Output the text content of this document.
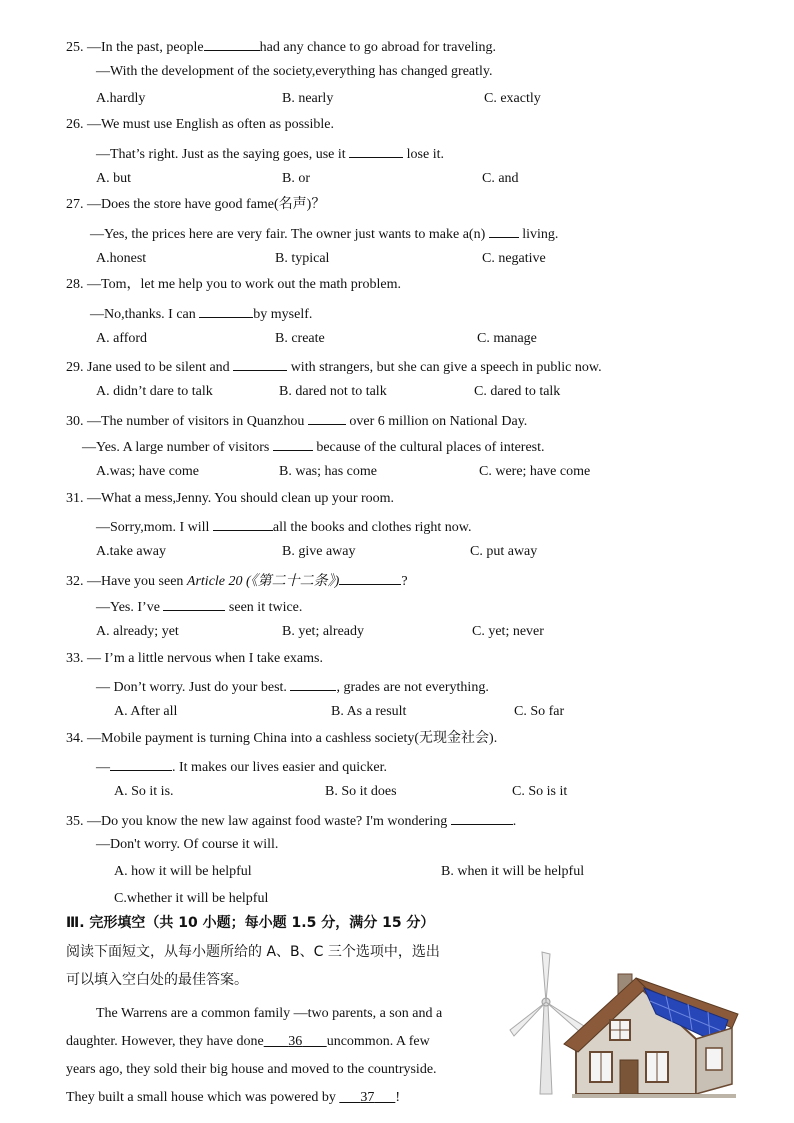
25. —In the past, people	had any chance to go abroad for traveling.
—With the development of the society,everything has changed greatly.
A.hardly	B. nearly	C. exactly
26. —We must use English as often as possible.
—That’s right. Just as the saying goes, use it	lose it.
A. but	B. or	C. and
27. —Does the store have good fame(名声)？
—Yes, the prices here are very fair. The owner just wants to make a(n)	living.
A.honest	B. typical	C. negative
28. —Tom，let me help you to work out the math problem.
—No,thanks. I can	by myself.
A. afford	B. create	C. manage
29. Jane used to be silent and	with strangers, but she can give a speech in public now.
A. didn’t dare to talk	B. dared not to talk	C. dared to talk
30. —The number of visitors in Quanzhou	over 6 million on National Day.
—Yes. A large number of visitors	because of the cultural places of interest.
A.was; have come	B. was; has come	C. were; have come
31. —What a mess,Jenny. You should clean up your room.
—Sorry,mom. I will	all the books and clothes right now.
A.take away	B. give away	C. put away
32. —Have you seen Article 20 (《第二十二条》)	?
—Yes. I’ve	seen it twice.
A. already; yet	B. yet; already	C. yet; never
33. — I’m a little nervous when I take exams.
— Don’t worry. Just do your best.	, grades are not everything.
A. After all	B. As a result	C. So far
34. —Mobile payment is turning China into a cashless society(无现金社会).
—	. It makes our lives easier and quicker.
A. So it is.	B. So it does	C. So is it
35. —Do you know the new law against food waste? I'm wondering	.
—Don't worry. Of course it will.
A. how it will be helpful	B. when it will be helpful
C.whether it will be helpful
Ⅲ. 完形填空（共 10 小题；每小题 1.5 分，满分 15 分）
阅读下面短文，从每小题所给的 A、B、C 三个选项中，选出
可以填入空白处的最佳答案。
The Warrens are a common family —two parents, a son and a
daughter. However, they have done 36 uncommon. A few
years ago, they sold their big house and moved to the countryside.
They built a small house which was powered by 37 !
